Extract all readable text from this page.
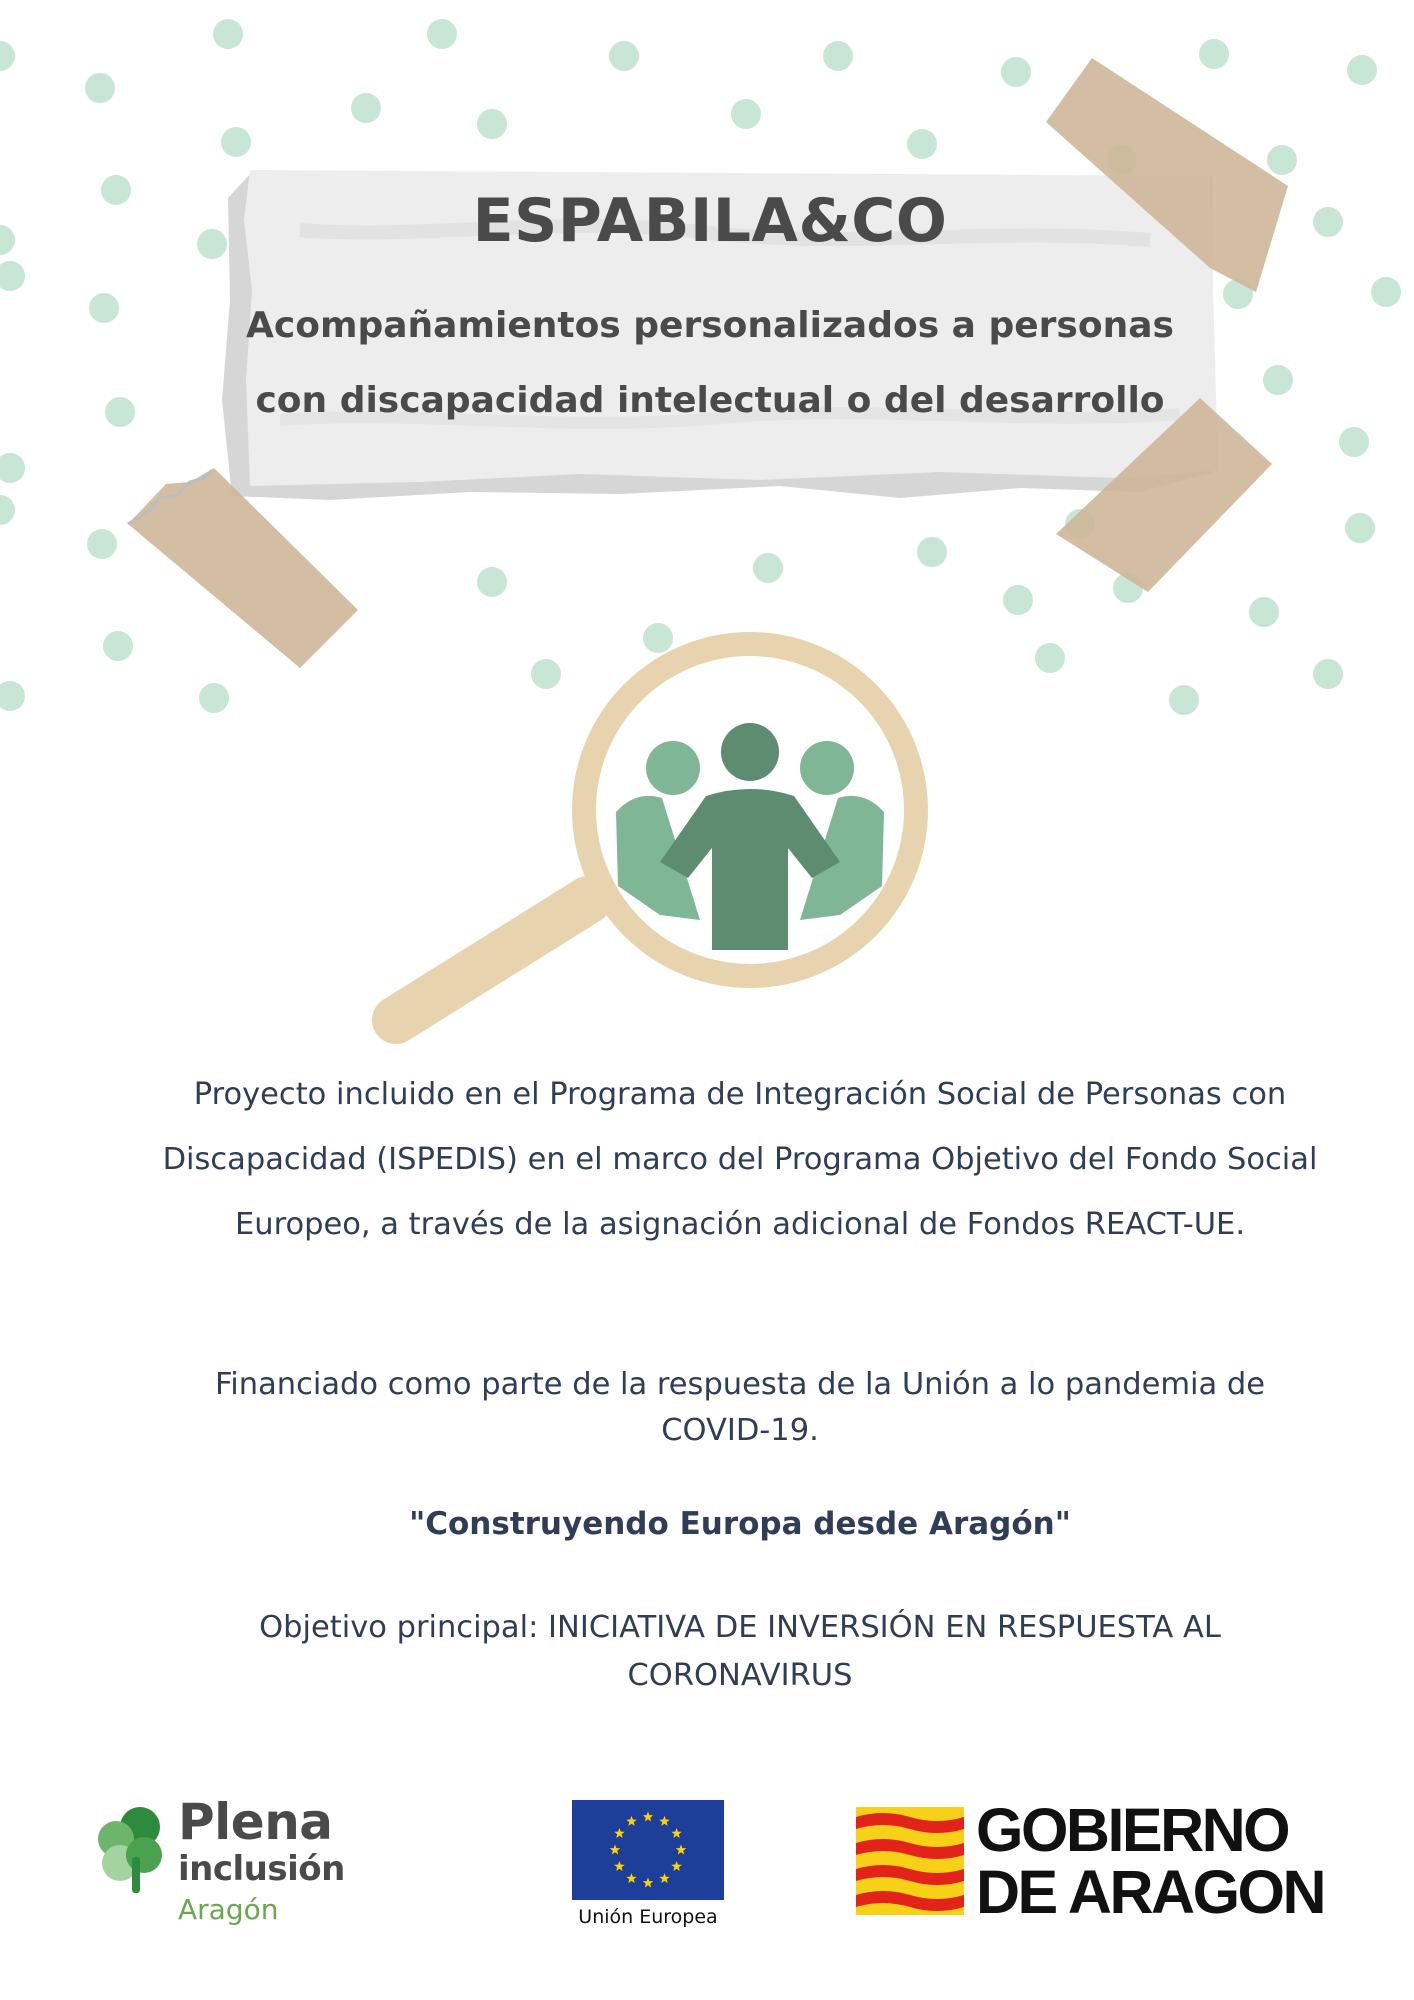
ESPABILA&CO
Acompañamientos personalizados a personas con discapacidad intelectual o del desarrollo
Proyecto incluido en el Programa de Integración Social de Personas con Discapacidad (ISPEDIS) en el marco del Programa Objetivo del Fondo Social Europeo, a través de la asignación adicional de Fondos REACT-UE.
Financiado como parte de la respuesta de la Unión a lo pandemia de COVID-19.
"Construyendo Europa desde Aragón"
Objetivo principal: INICIATIVA DE INVERSIÓN EN RESPUESTA AL CORONAVIRUS
Plena
inclusión
Aragón	Unión Europea
GOBIERNO
DE ARAGON
